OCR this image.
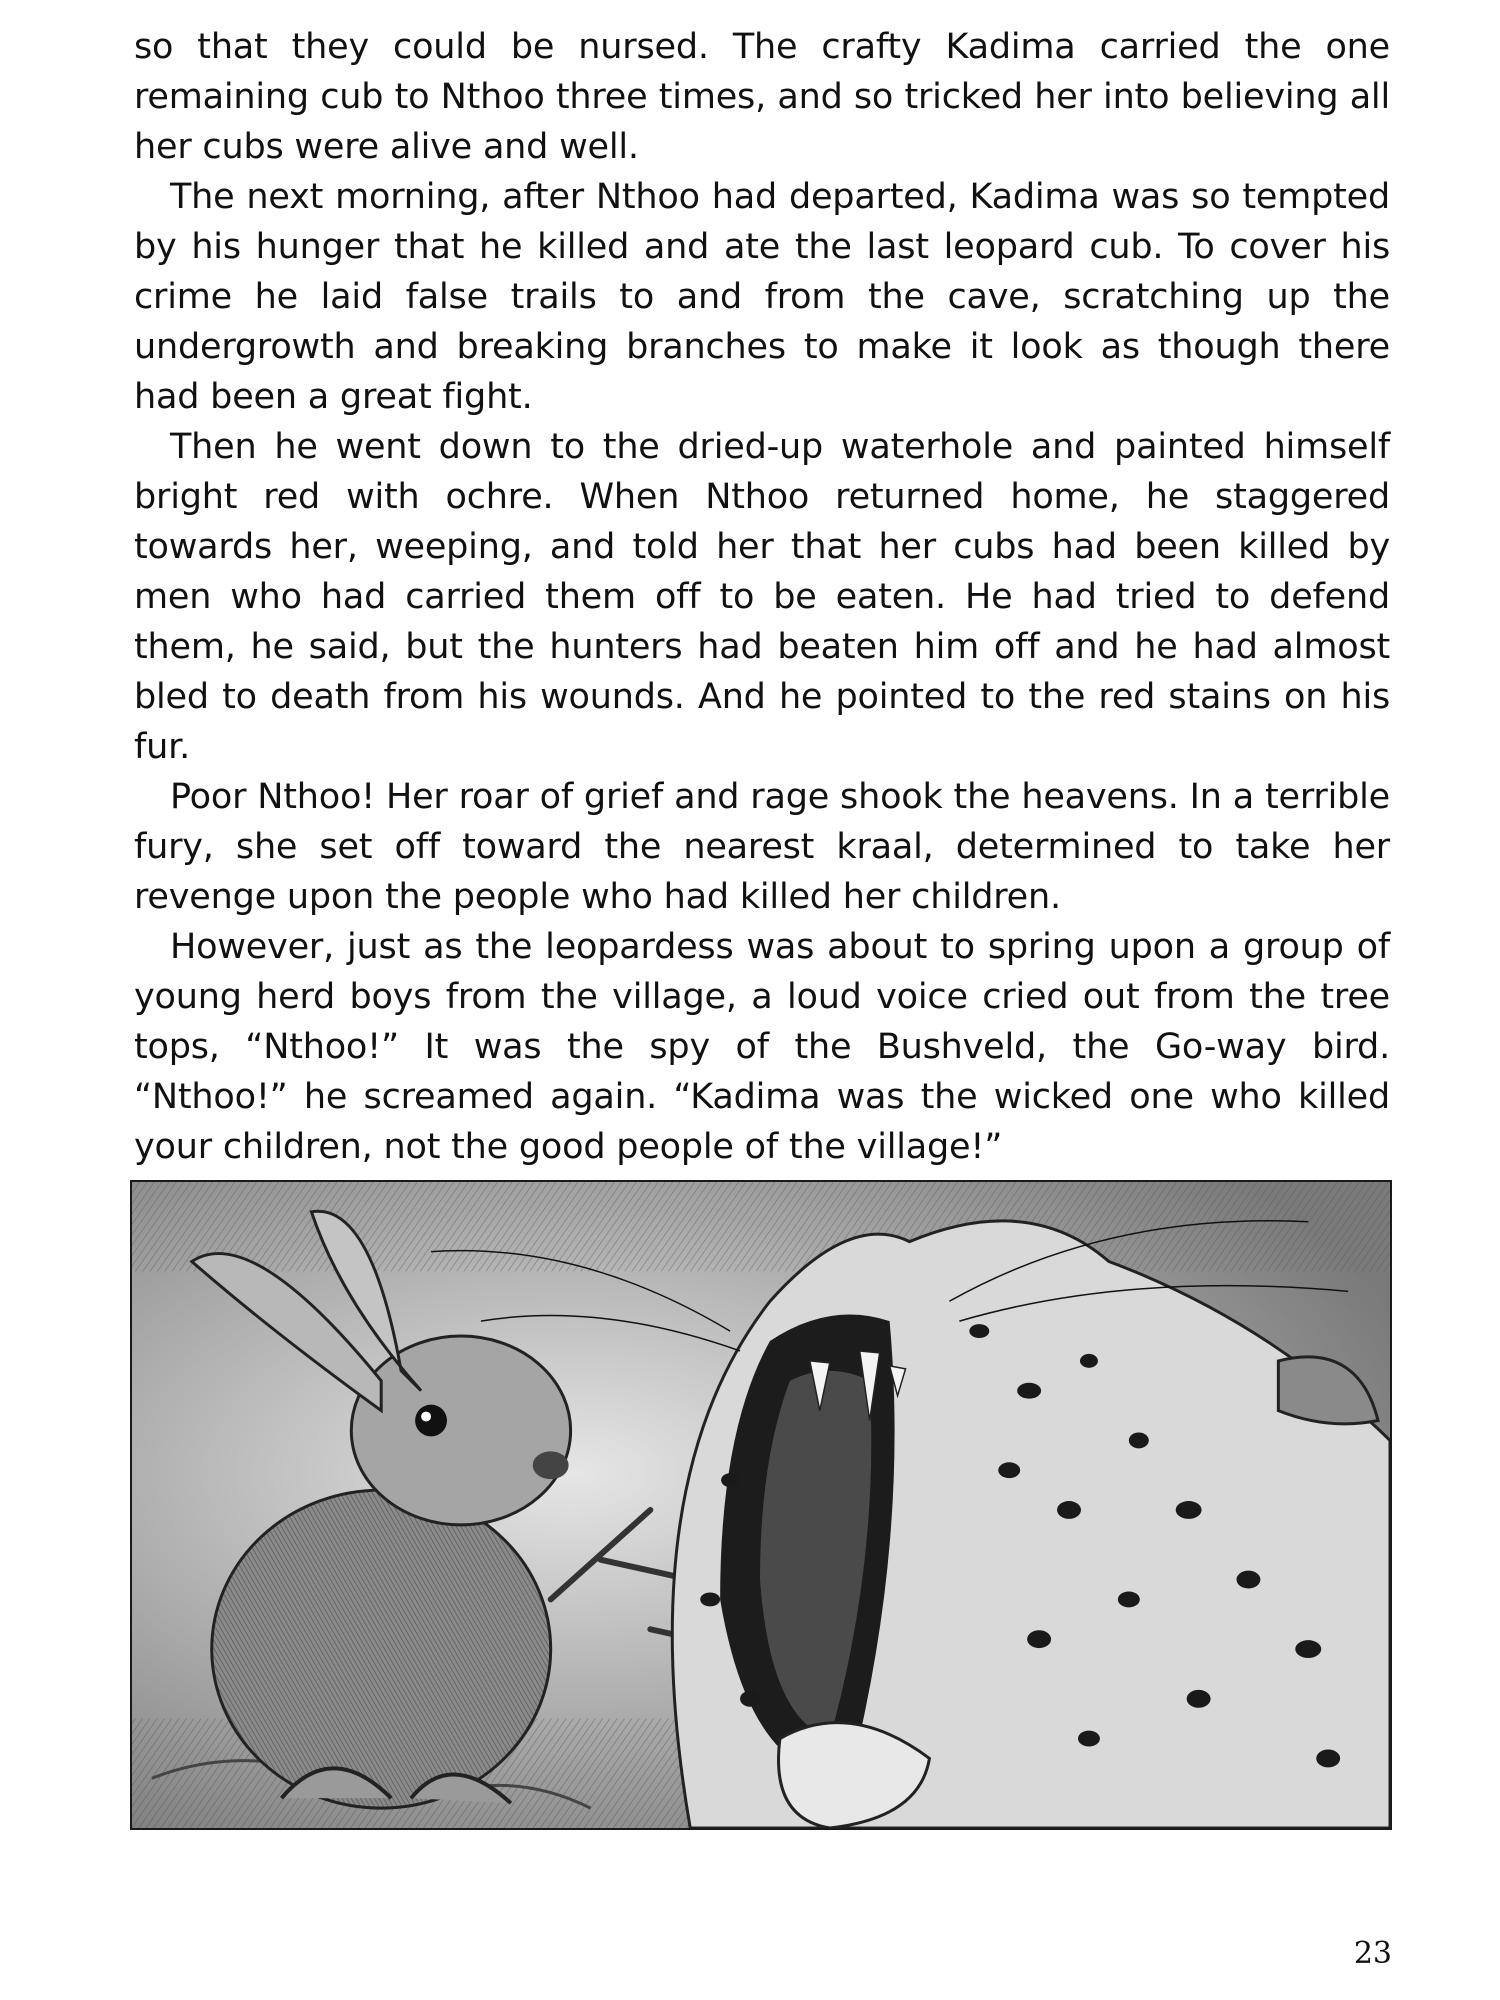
so that they could be nursed. The crafty Kadima carried the one remaining cub to Nthoo three times, and so tricked her into believing all her cubs were alive and well.

The next morning, after Nthoo had departed, Kadima was so tempted by his hunger that he killed and ate the last leopard cub. To cover his crime he laid false trails to and from the cave, scratching up the undergrowth and breaking branches to make it look as though there had been a great fight.

Then he went down to the dried-up waterhole and painted himself bright red with ochre. When Nthoo returned home, he staggered towards her, weeping, and told her that her cubs had been killed by men who had carried them off to be eaten. He had tried to defend them, he said, but the hunters had beaten him off and he had almost bled to death from his wounds. And he pointed to the red stains on his fur.

Poor Nthoo! Her roar of grief and rage shook the heavens. In a terrible fury, she set off toward the nearest kraal, determined to take her revenge upon the people who had killed her children.

However, just as the leopardess was about to spring upon a group of young herd boys from the village, a loud voice cried out from the tree tops, “Nthoo!” It was the spy of the Bushveld, the Go-way bird. “Nthoo!” he screamed again. “Kadima was the wicked one who killed your children, not the good people of the village!”

23
